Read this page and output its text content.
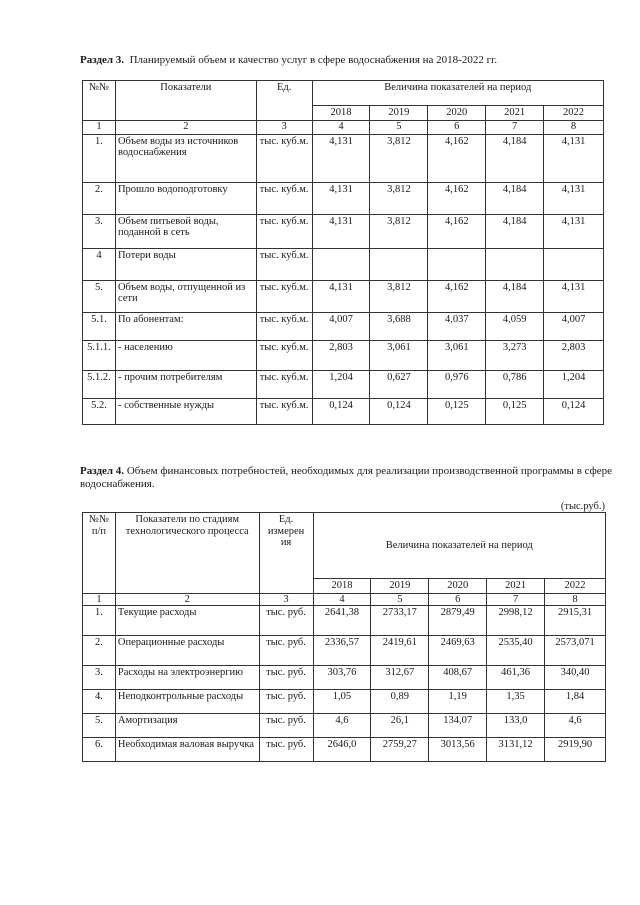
Раздел 3. Планируемый объем и качество услуг в сфере водоснабжения на 2018-2022 гг.
№№	Показатели	Ед.	Величина показателей на период				
			2018	2019	2020	2021	2022
1	2	3	4	5	6	7	8
1.	Объем воды из источников водоснабжения	тыс. куб.м.	4,131	3,812	4,162	4,184	4,131
2.	Прошло водоподготовку	тыс. куб.м.	4,131	3,812	4,162	4,184	4,131
3.	Объем питьевой воды, поданной в сеть	тыс. куб.м.	4,131	3,812	4,162	4,184	4,131
4	Потери воды	тыс. куб.м.					
5.	Объем воды, отпущенной из сети	тыс. куб.м.	4,131	3,812	4,162	4,184	4,131
5.1.	По абонентам:	тыс. куб.м.	4,007	3,688	4,037	4,059	4,007
5.1.1.	- населению	тыс. куб.м.	2,803	3,061	3,061	3,273	2,803
5.1.2.	- прочим потребителям	тыс. куб.м.	1,204	0,627	0,976	0,786	1,204
5.2.	- собственные нужды	тыс. куб.м.	0,124	0,124	0,125	0,125	0,124
(тыс.руб.)
Раздел 4. Объем финансовых потребностей, необходимых для реализации производственной программы в сфере водоснабжения.
№№ п/п	Показатели по стадиям технологического процесса	Ед. измерен ия	Величина показателей на период				
			2018	2019	2020	2021	2022
1	2	3	4	5	6	7	8
1.	Текущие расходы	тыс. руб.	2641,38	2733,17	2879,49	2998,12	2915,31
2.	Операционные расходы	тыс. руб.	2336,57	2419,61	2469,63	2535,40	2573,071
3.	Расходы на электроэнергию	тыс. руб.	303,76	312,67	408,67	461,36	340,40
4.	Неподконтрольные расходы	тыс. руб.	1,05	0,89	1,19	1,35	1,84
5.	Амортизация	тыс. руб.	4,6	26,1	134,07	133,0	4,6
6.	Необходимая валовая выручка	тыс. руб.	2646,0	2759,27	3013,56	3131,12	2919,90
